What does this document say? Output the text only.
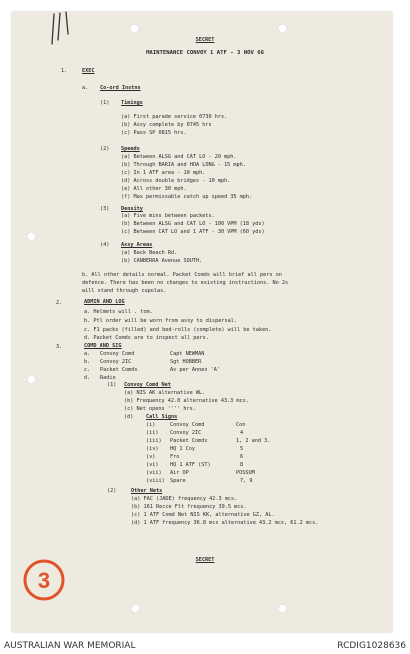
SECRET
MAINTENANCE CONVOY 1 ATF - 3 NOV 66
1.	EXEC
a. Co-ord Instns
(1) Timings
(a) First parade service 0730 hrs.
(b) Assy complete by 0745 hrs
(c) Pass SP 0815 hrs.
(2) Speeds
(a) Between ALSG and CAT LO - 20 mph.
(b) Through BARIA and HOA LONG - 15 mph.
(c) In 1 ATF area - 10 mph.
(d) Across double bridges - 10 mph.
(e) All other 30 mph.
(f) Max permissable catch up speed 35 mph.
(3) Density
(a) Five mins between packets.
(b) Between ALSG and CAT LO - 100 VPM (18 yds)
(c) Between CAT LO and 1 ATF - 30 VPM (60 yds)
(4) Assy Areas
(a) Back Beach Rd.
(b) CANBERRA Avenue SOUTH.
b. All other details normal. Packet Comds will brief all pers on
defence. There has been no changes to existing instructions. No 2s
will stand through cupolas.
2.	ADMIN AND LOG
a. Helmets will . tom.
b. Ptl order will be worn from assy to dispersal.
c. F1 packs (filled) and bed-rolls (complete) will be taken.
d. Packet Comds are to inspect all pers.
3.	COMD AND SIG
a. Convoy Comd	Capt NEWMAN
b. Convoy 2IC	Sgt HOBBER
c. Packet Comds	As per Annex 'A'
d. Radio
(1) Convoy Comd Net
(a) NIS AK alternative WL.
(b) Frequency 42.8 alternative 43.3 mcs.
(c) Net opens '''' hrs.
(d) Call Signs
(i)	Convoy Comd	Con
(ii) Convoy 2IC	4
(iii) Packet Comds	1, 2 and 3.
(iv) HQ 1 Coy	5
(v)	Fro	6
(vi) HQ 1 ATF (ST)	8
(vii) Air OP	POSSUM
(viii) Spare	7, 9
(2)	Other Nets
(a) FAC (JADE) frequency 42.3 mcs.
(b) 161 Recce Flt frequency 39.5 mcs.
(c) 1 ATF Comd Net NIS KK, alternative GZ, AL.
(d) 1 ATF frequency 36.8 mcs alternative 43.2 mcs, 61.2 mcs.
SECRET
3
AUSTRALIAN WAR MEMORIAL	RCDIG1028636
